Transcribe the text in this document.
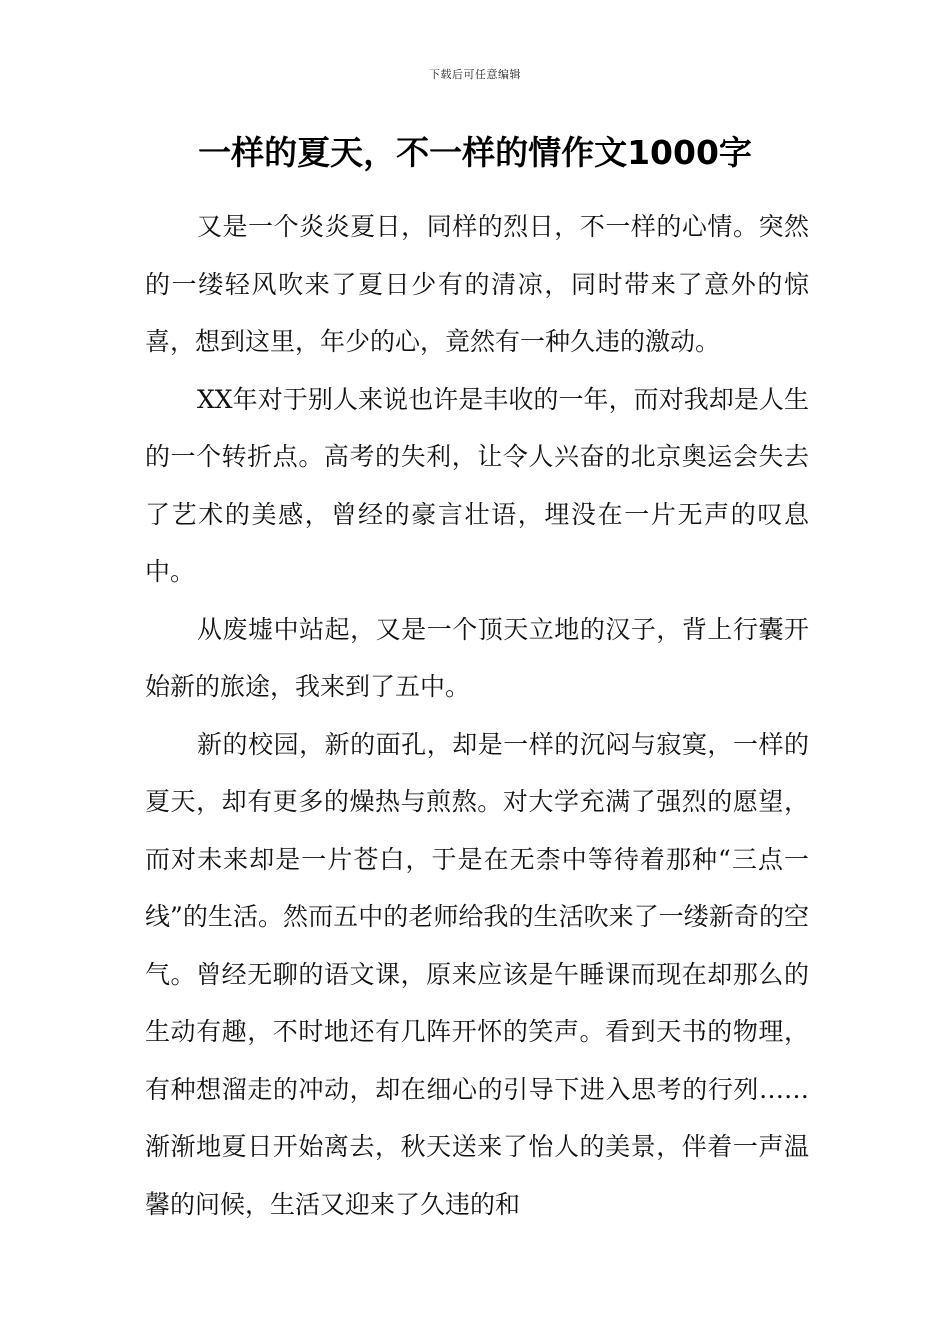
下载后可任意编辑
一样的夏天，不一样的情作文1000字

又是一个炎炎夏日，同样的烈日，不一样的心情。突然的一缕轻风吹来了夏日少有的清凉，同时带来了意外的惊喜，想到这里，年少的心，竟然有一种久违的激动。

XX年对于别人来说也许是丰收的一年，而对我却是人生的一个转折点。高考的失利，让令人兴奋的北京奥运会失去了艺术的美感，曾经的豪言壮语，埋没在一片无声的叹息中。

从废墟中站起，又是一个顶天立地的汉子，背上行囊开始新的旅途，我来到了五中。

新的校园，新的面孔，却是一样的沉闷与寂寞，一样的夏天，却有更多的燥热与煎熬。对大学充满了强烈的愿望，而对未来却是一片苍白，于是在无柰中等待着那种“三点一线”的生活。然而五中的老师给我的生活吹来了一缕新奇的空气。曾经无聊的语文课，原来应该是午睡课而现在却那么的生动有趣，不时地还有几阵开怀的笑声。看到天书的物理，有种想溜走的冲动，却在细心的引导下进入思考的行列……渐渐地夏日开始离去，秋天送来了怡人的美景，伴着一声温馨的问候，生活又迎来了久违的和
